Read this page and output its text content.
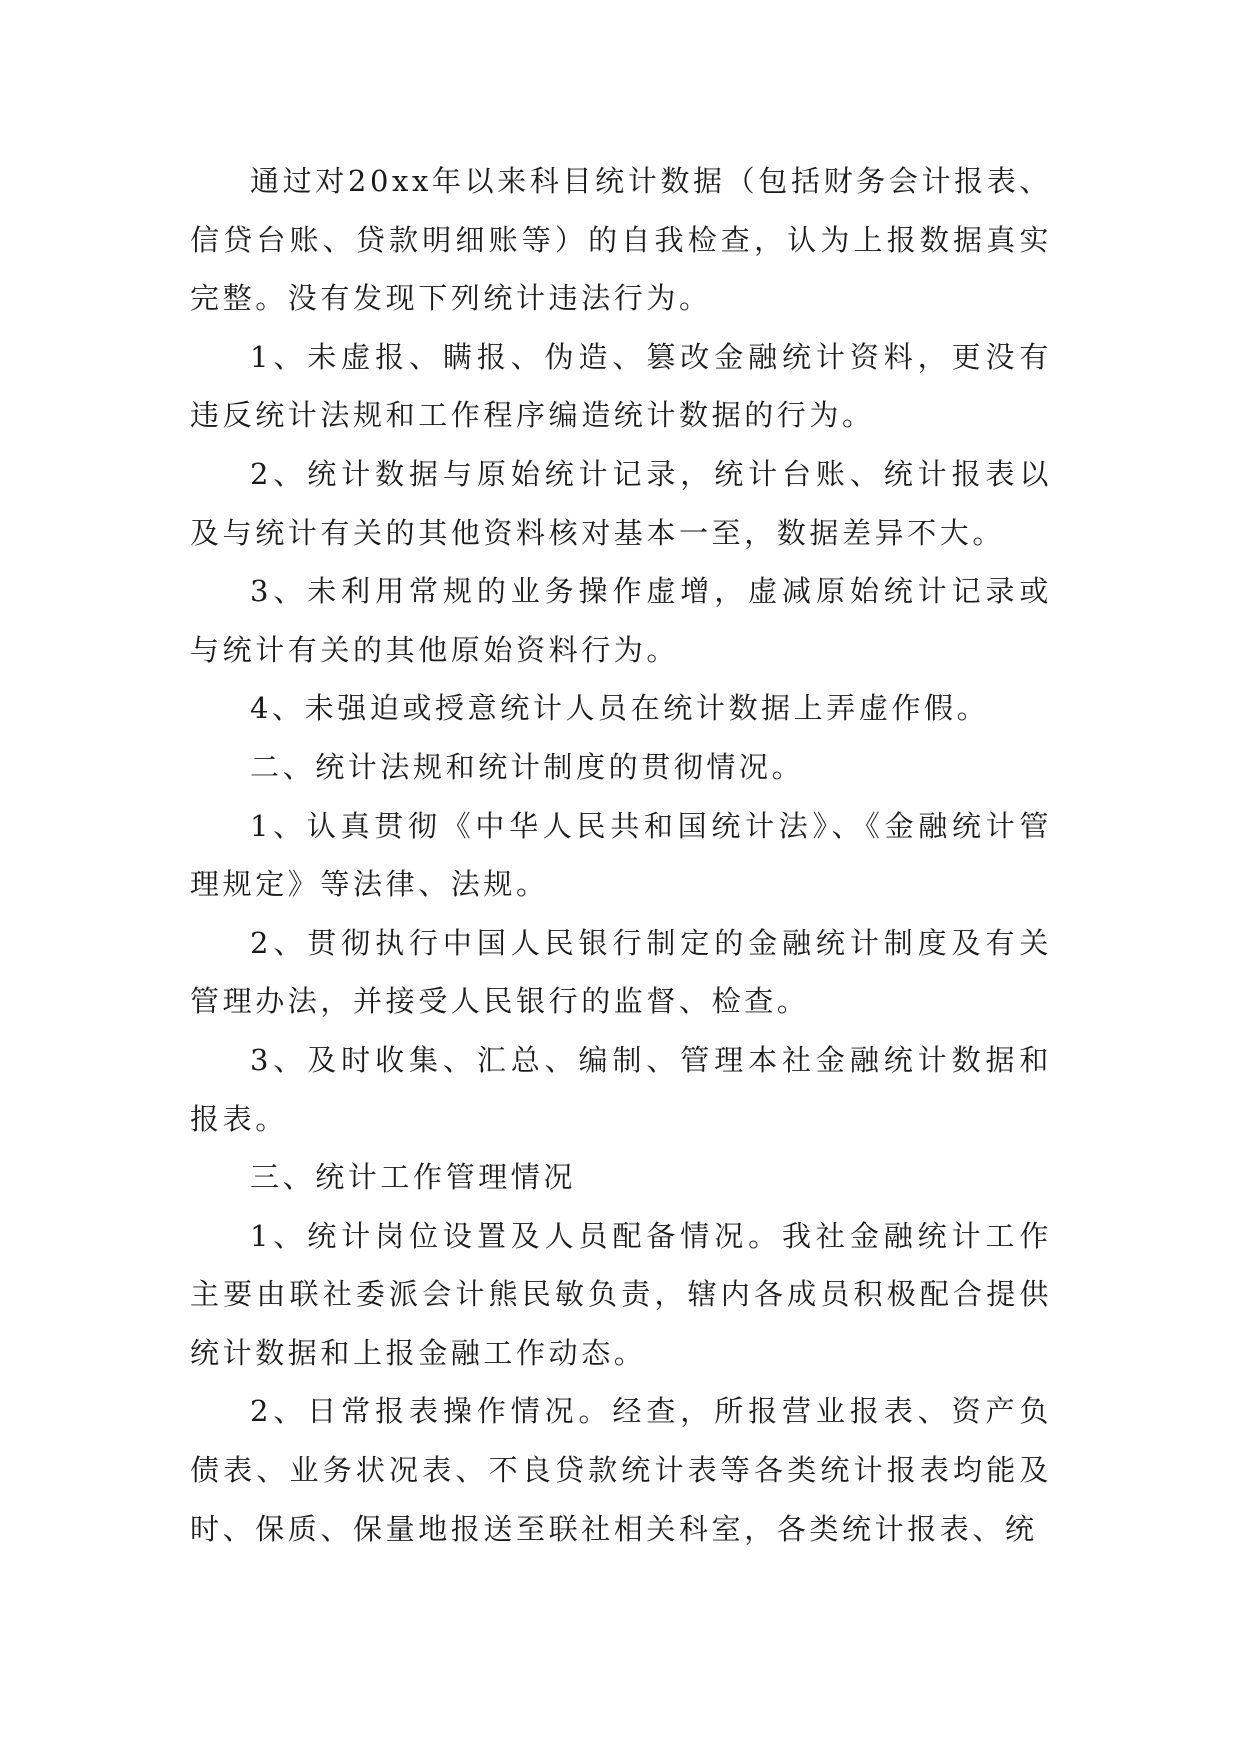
通过对20xx年以来科目统计数据（包括财务会计报表、信贷台账、贷款明细账等）的自我检查，认为上报数据真实完整。没有发现下列统计违法行为。

1、未虚报、瞒报、伪造、篡改金融统计资料，更没有违反统计法规和工作程序编造统计数据的行为。

2、统计数据与原始统计记录，统计台账、统计报表以及与统计有关的其他资料核对基本一至，数据差异不大。

3、未利用常规的业务操作虚增，虚减原始统计记录或与统计有关的其他原始资料行为。

4、未强迫或授意统计人员在统计数据上弄虚作假。

二、统计法规和统计制度的贯彻情况。

1、认真贯彻《中华人民共和国统计法》、《金融统计管理规定》等法律、法规。

2、贯彻执行中国人民银行制定的金融统计制度及有关管理办法，并接受人民银行的监督、检查。

3、及时收集、汇总、编制、管理本社金融统计数据和报表。

三、统计工作管理情况

1、统计岗位设置及人员配备情况。我社金融统计工作主要由联社委派会计熊民敏负责，辖内各成员积极配合提供统计数据和上报金融工作动态。

2、日常报表操作情况。经查，所报营业报表、资产负债表、业务状况表、不良贷款统计表等各类统计报表均能及时、保质、保量地报送至联社相关科室，各类统计报表、统
